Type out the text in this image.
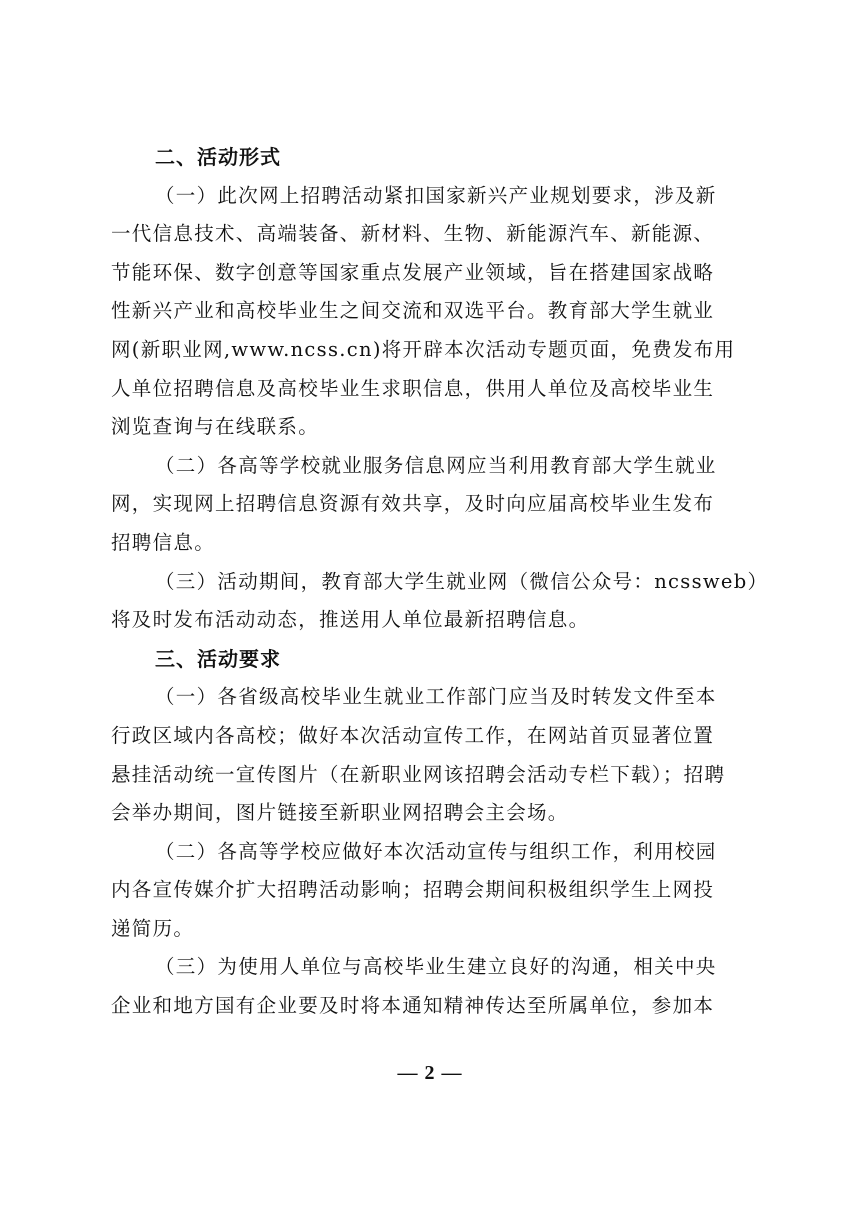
二、活动形式
（一）此次网上招聘活动紧扣国家新兴产业规划要求，涉及新
一代信息技术、高端装备、新材料、生物、新能源汽车、新能源、
节能环保、数字创意等国家重点发展产业领域，旨在搭建国家战略
性新兴产业和高校毕业生之间交流和双选平台。教育部大学生就业
网(新职业网,www.ncss.cn)将开辟本次活动专题页面，免费发布用
人单位招聘信息及高校毕业生求职信息，供用人单位及高校毕业生
浏览查询与在线联系。
（二）各高等学校就业服务信息网应当利用教育部大学生就业
网，实现网上招聘信息资源有效共享，及时向应届高校毕业生发布
招聘信息。
（三）活动期间，教育部大学生就业网（微信公众号：ncssweb）
将及时发布活动动态，推送用人单位最新招聘信息。
三、活动要求
（一）各省级高校毕业生就业工作部门应当及时转发文件至本
行政区域内各高校；做好本次活动宣传工作，在网站首页显著位置
悬挂活动统一宣传图片（在新职业网该招聘会活动专栏下载）；招聘
会举办期间，图片链接至新职业网招聘会主会场。
（二）各高等学校应做好本次活动宣传与组织工作，利用校园
内各宣传媒介扩大招聘活动影响；招聘会期间积极组织学生上网投
递简历。
（三）为使用人单位与高校毕业生建立良好的沟通，相关中央
企业和地方国有企业要及时将本通知精神传达至所属单位，参加本
— 2 —
